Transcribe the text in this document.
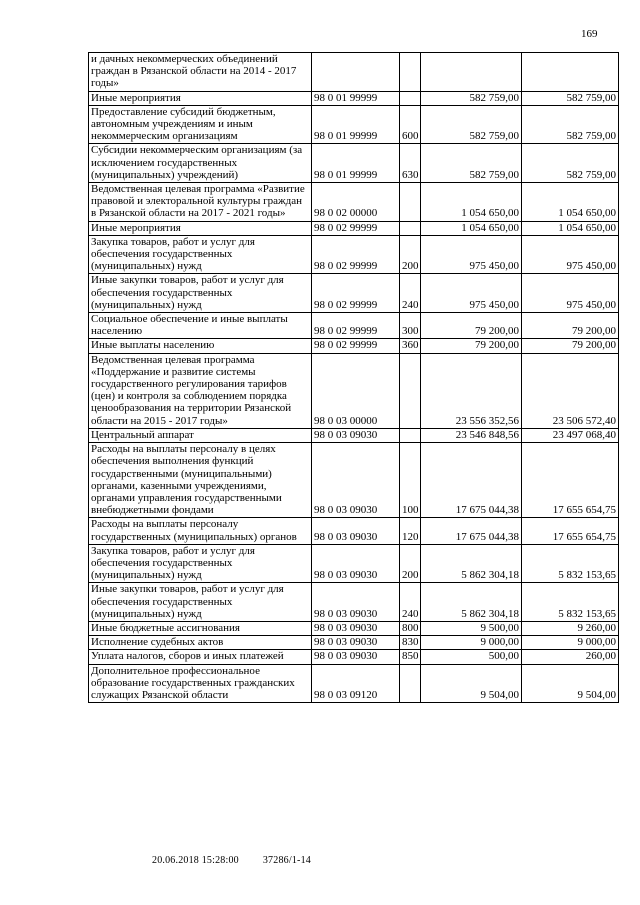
169
и дачных некоммерческих объединений граждан в Рязанской области на 2014 - 2017 годы»				
Иные мероприятия	98 0 01 99999		582 759,00	582 759,00
Предоставление субсидий бюджетным, автономным учреждениям и иным некоммерческим организациям	98 0 01 99999	600	582 759,00	582 759,00
Субсидии некоммерческим организациям (за исключением государственных (муниципальных) учреждений)	98 0 01 99999	630	582 759,00	582 759,00
Ведомственная целевая программа «Развитие правовой и электоральной культуры граждан в Рязанской области на 2017 - 2021 годы»	98 0 02 00000		1 054 650,00	1 054 650,00
Иные мероприятия	98 0 02 99999		1 054 650,00	1 054 650,00
Закупка товаров, работ и услуг для обеспечения государственных (муниципальных) нужд	98 0 02 99999	200	975 450,00	975 450,00
Иные закупки товаров, работ и услуг для обеспечения государственных (муниципальных) нужд	98 0 02 99999	240	975 450,00	975 450,00
Социальное обеспечение и иные выплаты населению	98 0 02 99999	300	79 200,00	79 200,00
Иные выплаты населению	98 0 02 99999	360	79 200,00	79 200,00
Ведомственная целевая программа «Поддержание и развитие системы государственного регулирования тарифов (цен) и контроля за соблюдением порядка ценообразования на территории Рязанской области на 2015 - 2017 годы»	98 0 03 00000		23 556 352,56	23 506 572,40
Центральный аппарат	98 0 03 09030		23 546 848,56	23 497 068,40
Расходы на выплаты персоналу в целях обеспечения выполнения функций государственными (муниципальными) органами, казенными учреждениями, органами управления государственными внебюджетными фондами	98 0 03 09030	100	17 675 044,38	17 655 654,75
Расходы на выплаты персоналу государственных (муниципальных) органов	98 0 03 09030	120	17 675 044,38	17 655 654,75
Закупка товаров, работ и услуг для обеспечения государственных (муниципальных) нужд	98 0 03 09030	200	5 862 304,18	5 832 153,65
Иные закупки товаров, работ и услуг для обеспечения государственных (муниципальных) нужд	98 0 03 09030	240	5 862 304,18	5 832 153,65
Иные бюджетные ассигнования	98 0 03 09030	800	9 500,00	9 260,00
Исполнение судебных актов	98 0 03 09030	830	9 000,00	9 000,00
Уплата налогов, сборов и иных платежей	98 0 03 09030	850	500,00	260,00
Дополнительное профессиональное образование государственных гражданских служащих Рязанской области	98 0 03 09120		9 504,00	9 504,00
20.06.2018 15:28:00 37286/1-14
